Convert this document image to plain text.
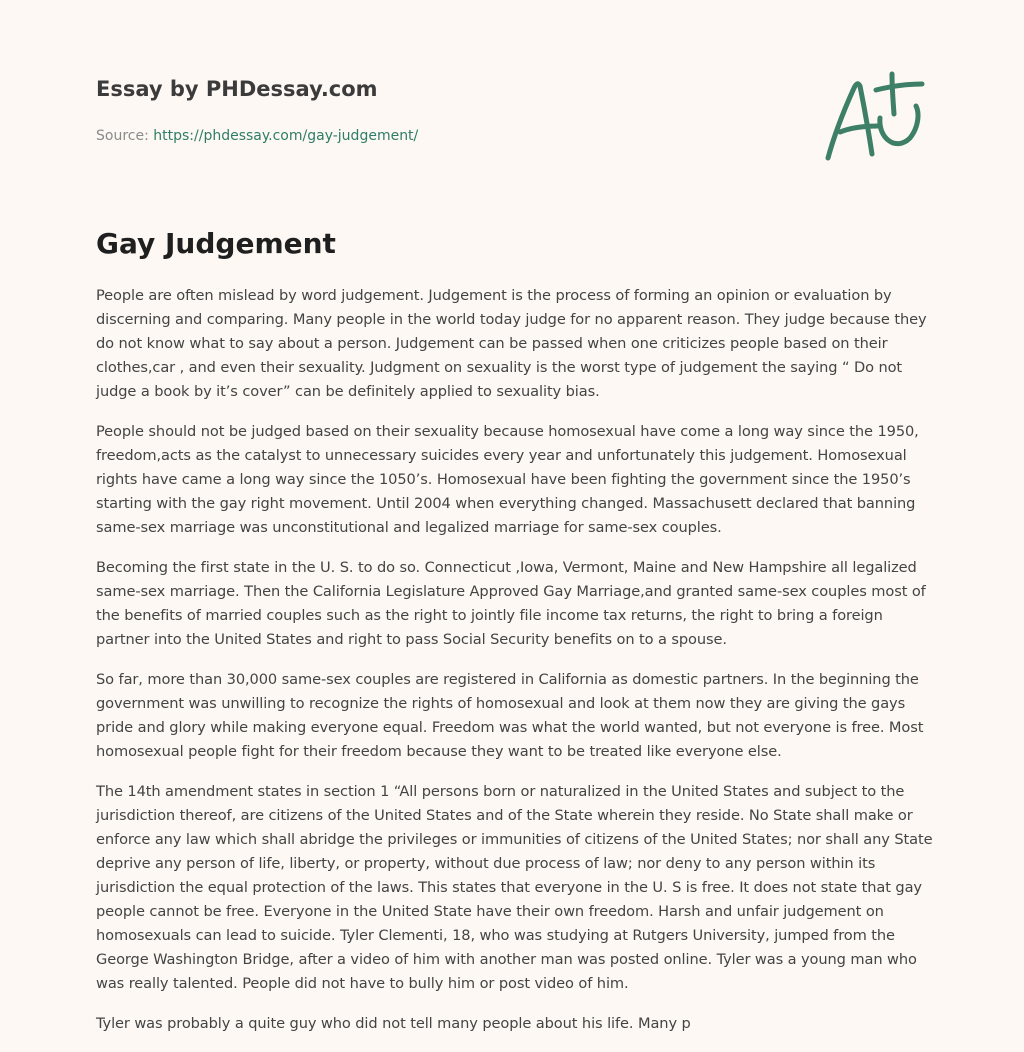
Essay by PHDessay.com
Source: https://phdessay.com/gay-judgement/
Gay Judgement

People are often mislead by word judgement. Judgement is the process of forming an opinion or evaluation by discerning and comparing. Many people in the world today judge for no apparent reason. They judge because they do not know what to say about a person. Judgement can be passed when one criticizes people based on their clothes,car , and even their sexuality. Judgment on sexuality is the worst type of judgement the saying “ Do not judge a book by it’s cover” can be definitely applied to sexuality bias.

People should not be judged based on their sexuality because homosexual have come a long way since the 1950, freedom,acts as the catalyst to unnecessary suicides every year and unfortunately this judgement. Homosexual rights have came a long way since the 1050’s. Homosexual have been fighting the government since the 1950’s starting with the gay right movement. Until 2004 when everything changed. Massachusett declared that banning same-sex marriage was unconstitutional and legalized marriage for same-sex couples.

Becoming the first state in the U. S. to do so. Connecticut ,Iowa, Vermont, Maine and New Hampshire all legalized same-sex marriage. Then the California Legislature Approved Gay Marriage,and granted same-sex couples most of the benefits of married couples such as the right to jointly file income tax returns, the right to bring a foreign partner into the United States and right to pass Social Security benefits on to a spouse.

So far, more than 30,000 same-sex couples are registered in California as domestic partners. In the beginning the government was unwilling to recognize the rights of homosexual and look at them now they are giving the gays pride and glory while making everyone equal. Freedom was what the world wanted, but not everyone is free. Most homosexual people fight for their freedom because they want to be treated like everyone else.

The 14th amendment states in section 1 “All persons born or naturalized in the United States and subject to the jurisdiction thereof, are citizens of the United States and of the State wherein they reside. No State shall make or enforce any law which shall abridge the privileges or immunities of citizens of the United States; nor shall any State deprive any person of life, liberty, or property, without due process of law; nor deny to any person within its jurisdiction the equal protection of the laws. This states that everyone in the U. S is free. It does not state that gay people cannot be free. Everyone in the United State have their own freedom. Harsh and unfair judgement on homosexuals can lead to suicide. Tyler Clementi, 18, who was studying at Rutgers University, jumped from the George Washington Bridge, after a video of him with another man was posted online. Tyler was a young man who was really talented. People did not have to bully him or post video of him.

Tyler was probably a quite guy who did not tell many people about his life. Many p
